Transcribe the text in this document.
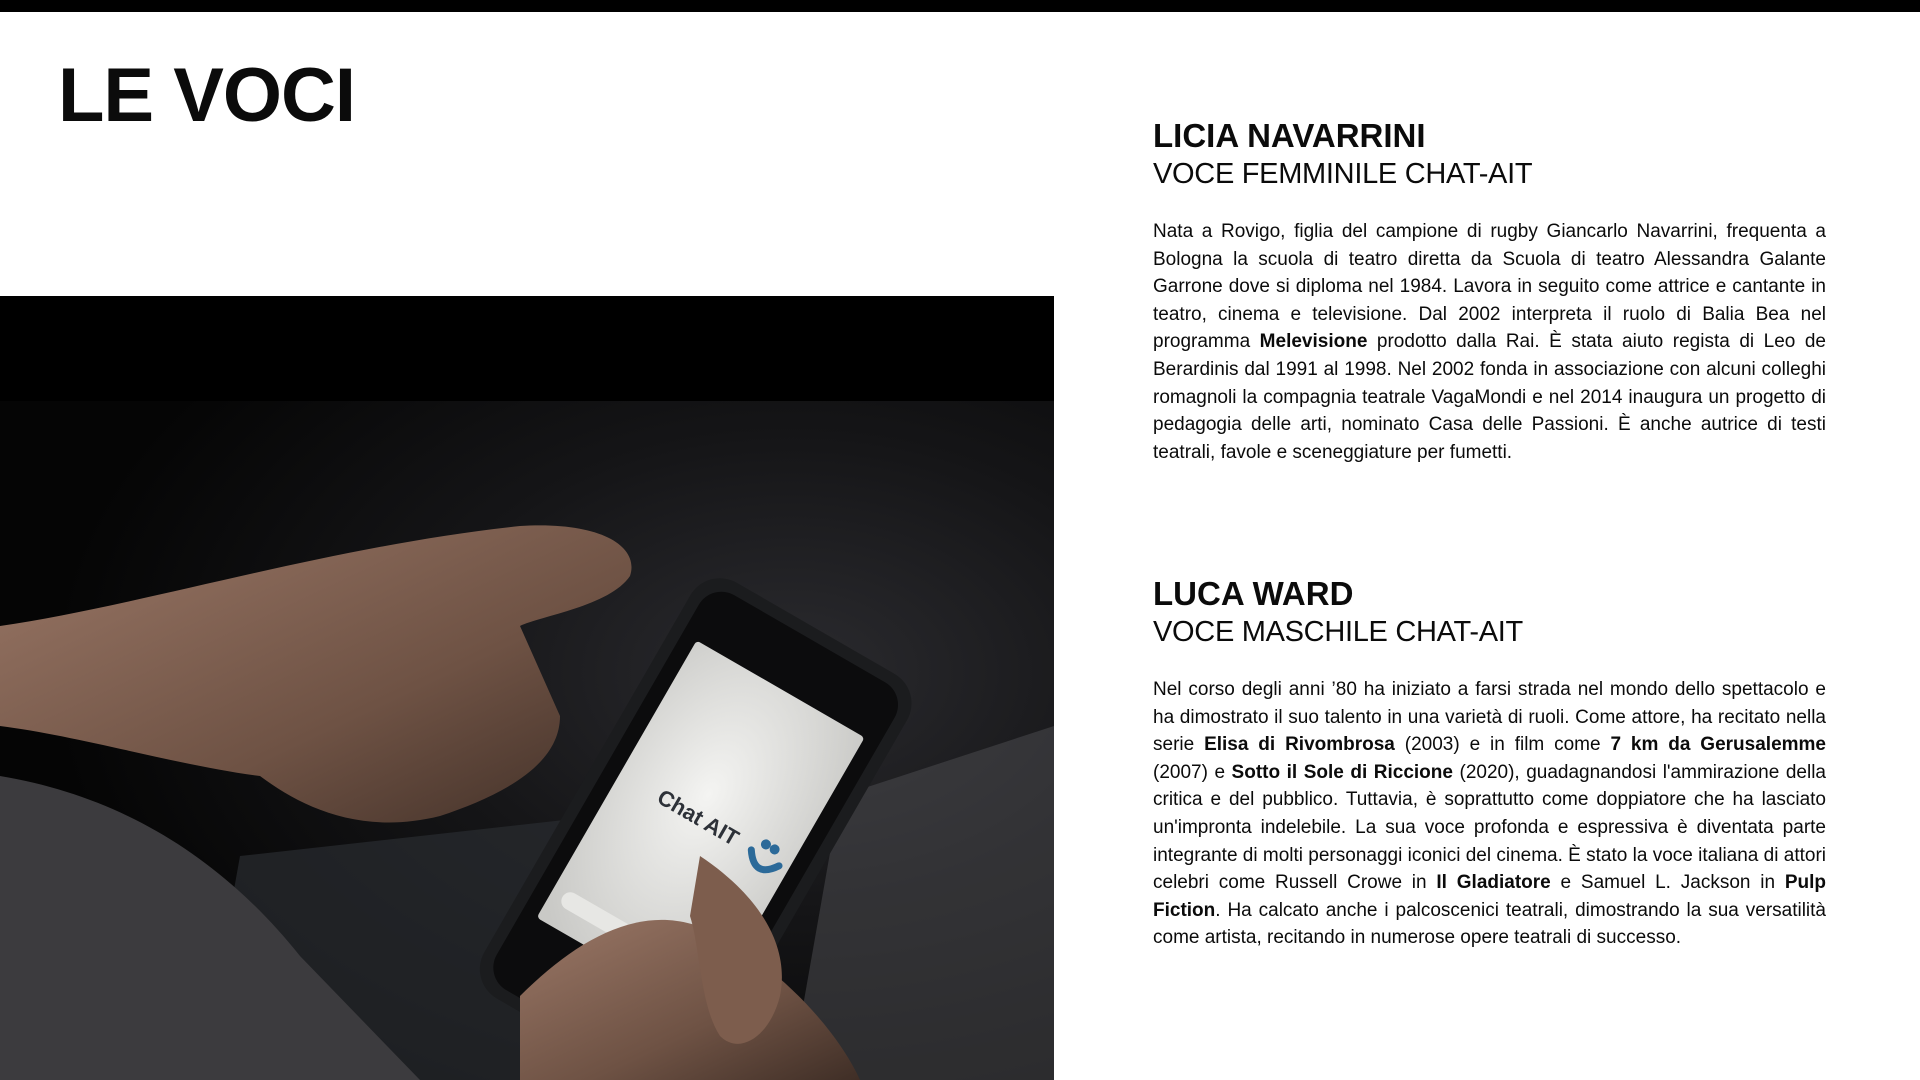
LE VOCI
Chat AIT
LICIA NAVARRINI

VOCE FEMMINILE CHAT-AIT

Nata a Rovigo, figlia del campione di rugby Giancarlo Navarrini, frequenta a Bologna la scuola di teatro diretta da Scuola di teatro Alessandra Galante Garrone dove si diploma nel 1984. Lavora in seguito come attrice e cantante in teatro, cinema e televisione. Dal 2002 interpreta il ruolo di Balia Bea nel programma Melevisione prodotto dalla Rai. È stata aiuto regista di Leo de Berardinis dal 1991 al 1998. Nel 2002 fonda in associazione con alcuni colleghi romagnoli la compagnia teatrale VagaMondi e nel 2014 inaugura un progetto di pedagogia delle arti, nominato Casa delle Passioni. È anche autrice di testi teatrali, favole e sceneggiature per fumetti.

LUCA WARD

VOCE MASCHILE CHAT-AIT

Nel corso degli anni ’80 ha iniziato a farsi strada nel mondo dello spettacolo e ha dimostrato il suo talento in una varietà di ruoli. Come attore, ha recitato nella serie Elisa di Rivombrosa (2003) e in film come 7 km da Gerusalemme (2007) e Sotto il Sole di Riccione (2020), guadagnandosi l'ammirazione della critica e del pubblico. Tuttavia, è soprattutto come doppiatore che ha lasciato un'impronta indelebile. La sua voce profonda e espressiva è diventata parte integrante di molti personaggi iconici del cinema. È stato la voce italiana di attori celebri come Russell Crowe in Il Gladiatore e Samuel L. Jackson in Pulp Fiction. Ha calcato anche i palcoscenici teatrali, dimostrando la sua versatilità come artista, recitando in numerose opere teatrali di successo.
